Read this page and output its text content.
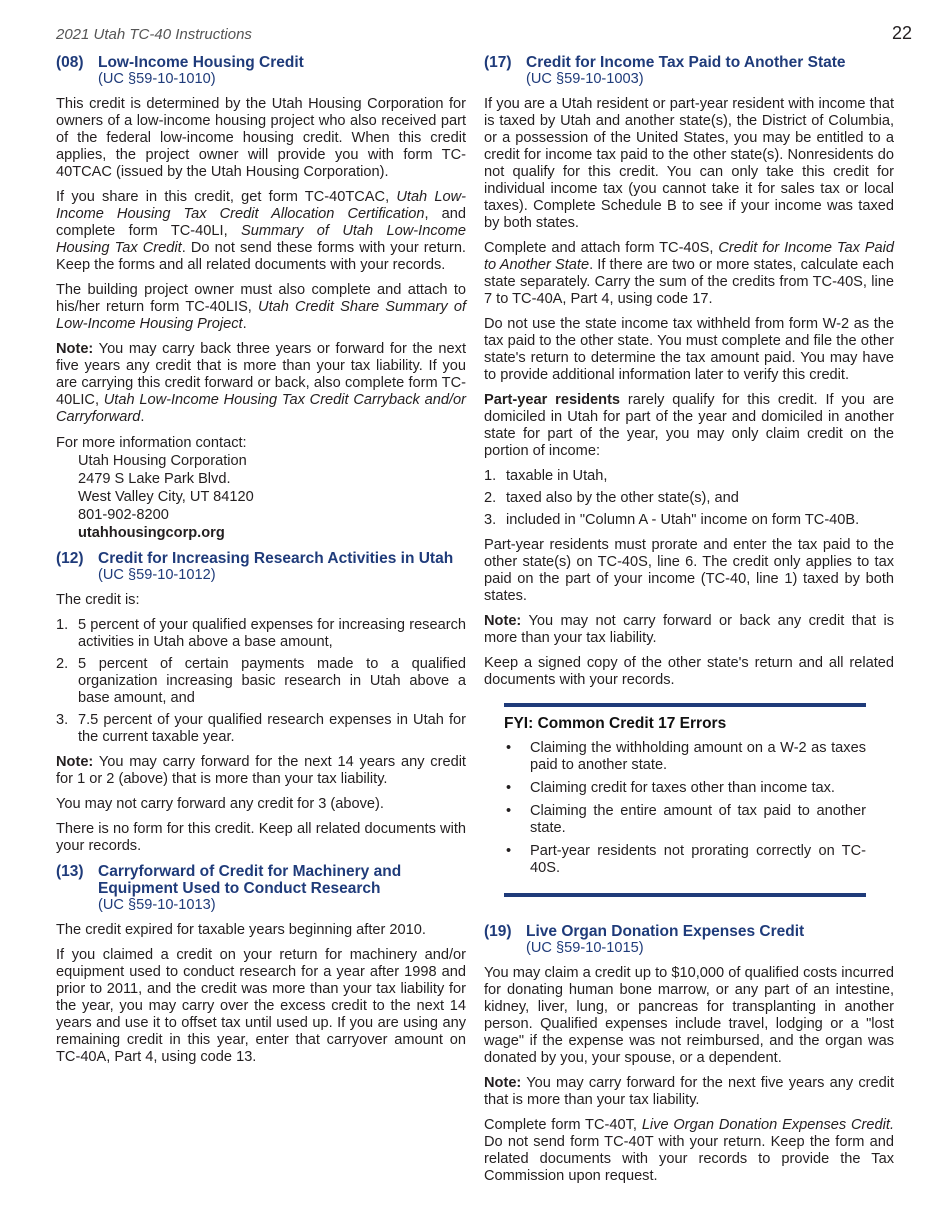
2021 Utah TC-40 Instructions	22
(08) Low-Income Housing Credit
(UC §59-10-1010)

This credit is determined by the Utah Housing Corporation for owners of a low-income housing project who also received part of the federal low-income housing credit. When this credit applies, the project owner will provide you with form TC-40TCAC (issued by the Utah Housing Corporation).

If you share in this credit, get form TC-40TCAC, Utah Low-Income Housing Tax Credit Allocation Certification, and complete form TC-40LI, Summary of Utah Low-Income Housing Tax Credit. Do not send these forms with your return. Keep the forms and all related documents with your records.

The building project owner must also complete and attach to his/her return form TC-40LIS, Utah Credit Share Summary of Low-Income Housing Project.

Note: You may carry back three years or forward for the next five years any credit that is more than your tax liability. If you are carrying this credit forward or back, also complete form TC-40LIC, Utah Low-Income Housing Tax Credit Carryback and/or Carryforward.

For more information contact:
Utah Housing Corporation
2479 S Lake Park Blvd.
West Valley City, UT 84120
801-902-8200
utahhousingcorp.org
(12) Credit for Increasing Research Activities in Utah
(UC §59-10-1012)

The credit is:

1. 5 percent of your qualified expenses for increasing research activities in Utah above a base amount,
2. 5 percent of certain payments made to a qualified organization increasing basic research in Utah above a base amount, and
3. 7.5 percent of your qualified research expenses in Utah for the current taxable year.

Note: You may carry forward for the next 14 years any credit for 1 or 2 (above) that is more than your tax liability.

You may not carry forward any credit for 3 (above).

There is no form for this credit. Keep all related documents with your records.

(13) Carryforward of Credit for Machinery and Equipment Used to Conduct Research
(UC §59-10-1013)

The credit expired for taxable years beginning after 2010.

If you claimed a credit on your return for machinery and/or equipment used to conduct research for a year after 1998 and prior to 2011, and the credit was more than your tax liability for the year, you may carry over the excess credit to the next 14 years and use it to offset tax until used up. If you are using any remaining credit in this year, enter that carryover amount on TC-40A, Part 4, using code 13.

(17) Credit for Income Tax Paid to Another State
(UC §59-10-1003)

If you are a Utah resident or part-year resident with income that is taxed by Utah and another state(s), the District of Columbia, or a possession of the United States, you may be entitled to a credit for income tax paid to the other state(s). Nonresidents do not qualify for this credit. You can only take this credit for individual income tax (you cannot take it for sales tax or local taxes). Complete Schedule B to see if your income was taxed by both states.

Complete and attach form TC-40S, Credit for Income Tax Paid to Another State. If there are two or more states, calculate each state separately. Carry the sum of the credits from TC-40S, line 7 to TC-40A, Part 4, using code 17.

Do not use the state income tax withheld from form W-2 as the tax paid to the other state. You must complete and file the other state's return to determine the tax amount paid. You may have to provide additional information later to verify this credit.

Part-year residents rarely qualify for this credit. If you are domiciled in Utah for part of the year and domiciled in another state for part of the year, you may only claim credit on the portion of income:

1. taxable in Utah,
2. taxed also by the other state(s), and
3. included in "Column A - Utah" income on form TC-40B.

Part-year residents must prorate and enter the tax paid to the other state(s) on TC-40S, line 6. The credit only applies to tax paid on the part of your income (TC-40, line 1) taxed by both states.

Note: You may not carry forward or back any credit that is more than your tax liability.

Keep a signed copy of the other state's return and all related documents with your records.

FYI: Common Credit 17 Errors
•	Claiming the withholding amount on a W-2 as taxes paid to another state.
•	Claiming credit for taxes other than income tax.
•	Claiming the entire amount of tax paid to another state.
•	Part-year residents not prorating correctly on TC-40S.
(19) Live Organ Donation Expenses Credit
(UC §59-10-1015)

You may claim a credit up to $10,000 of qualified costs incurred for donating human bone marrow, or any part of an intestine, kidney, liver, lung, or pancreas for transplanting in another person. Qualified expenses include travel, lodging or a "lost wage" if the expense was not reimbursed, and the organ was donated by you, your spouse, or a dependent.

Note: You may carry forward for the next five years any credit that is more than your tax liability.

Complete form TC-40T, Live Organ Donation Expenses Credit. Do not send form TC-40T with your return. Keep the form and related documents with your records to provide the Tax Commission upon request.
